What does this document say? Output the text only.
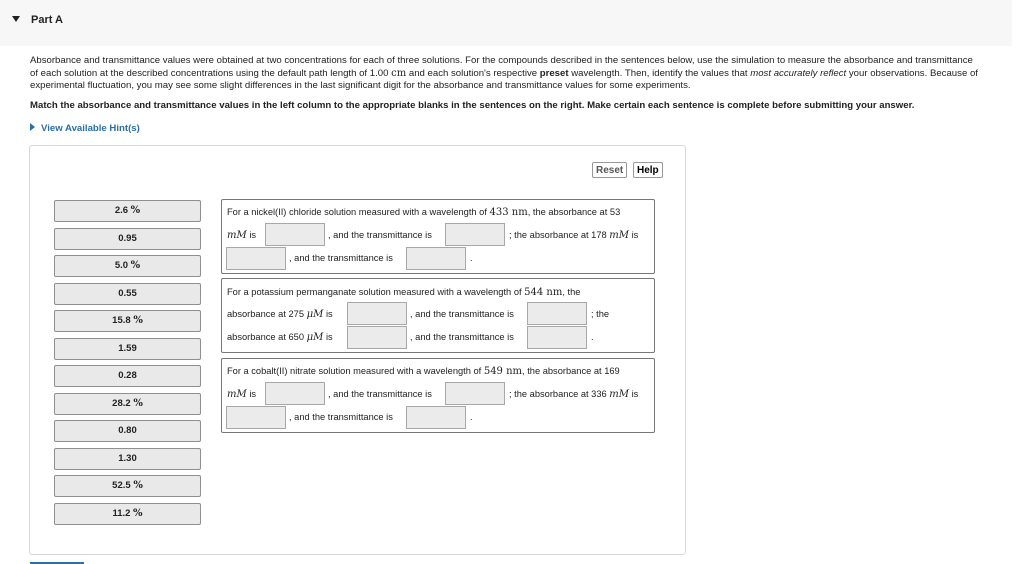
Part A
Absorbance and transmittance values were obtained at two concentrations for each of three solutions. For the compounds described in the sentences below, use the simulation to measure the absorbance and transmittance of each solution at the described concentrations using the default path length of 1.00 cm and each solution's respective preset wavelength. Then, identify the values that most accurately reflect your observations. Because of experimental fluctuation, you may see some slight differences in the last significant digit for the absorbance and transmittance values for some experiments.
Match the absorbance and transmittance values in the left column to the appropriate blanks in the sentences on the right. Make certain each sentence is complete before submitting your answer.
View Available Hint(s)
Reset	Help
2.6 %
0.95
5.0 %
0.55
15.8 %
1.59
0.28
28.2 %
0.80
1.30
52.5 %
11.2 %
For a nickel(II) chloride solution measured with a wavelength of 433 nm, the absorbance at 53
mM is	, and the transmittance is	; the absorbance at 178 mM is
, and the transmittance is	.
For a potassium permanganate solution measured with a wavelength of 544 nm, the
absorbance at 275 μM is	, and the transmittance is	; the
absorbance at 650 μM is	, and the transmittance is	.
For a cobalt(II) nitrate solution measured with a wavelength of 549 nm, the absorbance at 169
mM is	, and the transmittance is	; the absorbance at 336 mM is
, and the transmittance is	.
